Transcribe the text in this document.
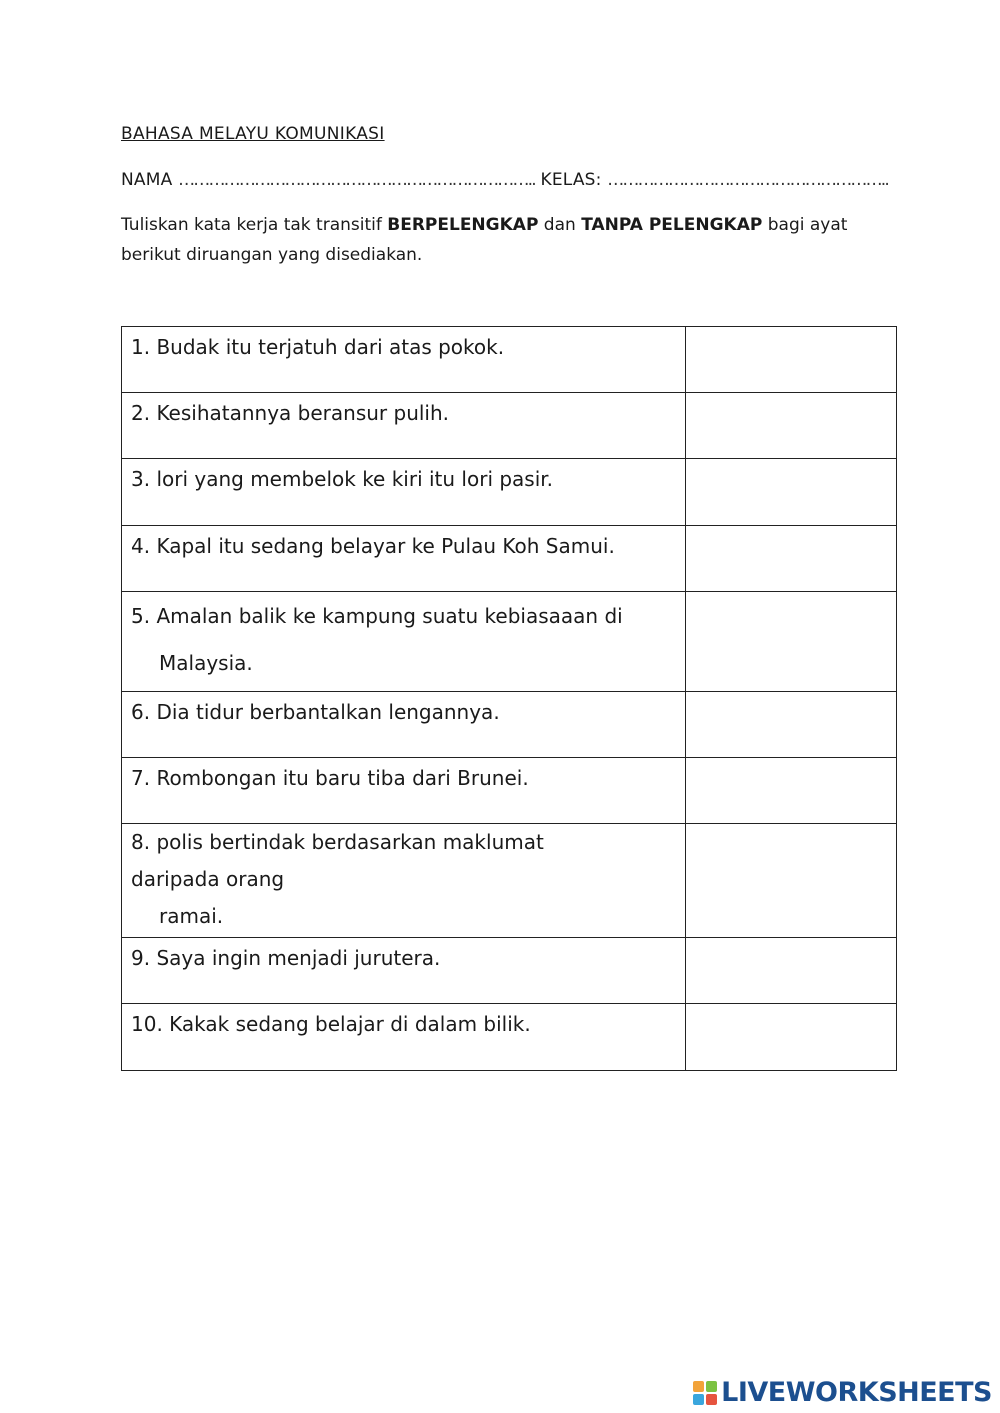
BAHASA MELAYU KOMUNIKASI
NAMA …………………………………………………………….. KELAS: ………………………………………………..
Tuliskan kata kerja tak transitif BERPELENGKAP dan TANPA PELENGKAP bagi ayat berikut diruangan yang disediakan.
1. Budak itu terjatuh dari atas pokok.	
2. Kesihatannya beransur pulih.	
3. lori yang membelok ke kiri itu lori pasir.	
4. Kapal itu sedang belayar ke Pulau Koh Samui.	
5. Amalan balik ke kampung suatu kebiasaaan di
Malaysia.

6. Dia tidur berbantalkan lengannya.	
7. Rombongan itu baru tiba dari Brunei.	
8. polis bertindak berdasarkan maklumat
daripada orang
ramai.

9. Saya ingin menjadi jurutera.	
10. Kakak sedang belajar di dalam bilik.	
LIVEWORKSHEETS
